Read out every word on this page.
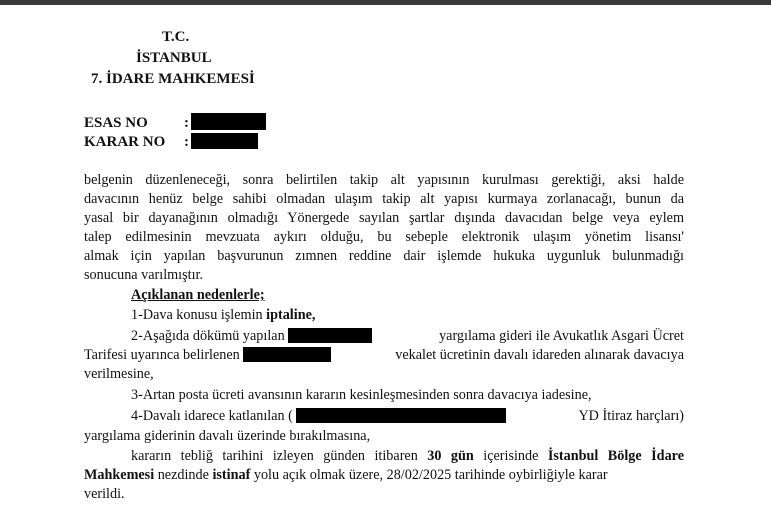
T.C.
İSTANBUL
7. İDARE MAHKEMESİ
ESAS NO :
KARAR NO :
belgenin düzenleneceği, sonra belirtilen takip alt yapısının kurulması gerektiği, aksi halde
davacının henüz belge sahibi olmadan ulaşım takip alt yapısı kurmaya zorlanacağı, bunun da
yasal bir dayanağının olmadığı Yönergede sayılan şartlar dışında davacıdan belge veya eylem
talep edilmesinin mevzuata aykırı olduğu, bu sebeple elektronik ulaşım yönetim lisansı'
almak için yapılan başvurunun zımnen reddine dair işlemde hukuka uygunluk bulunmadığı
sonucuna varılmıştır.
Açıklanan nedenlerle;
1-Dava konusu işlemin iptaline,
2-Aşağıda dökümü yapılan	yargılama gideri ile Avukatlık Asgari Ücret
Tarifesi uyarınca belirlenen	vekalet ücretinin davalı idareden alınarak davacıya
verilmesine,
3-Artan posta ücreti avansının kararın kesinleşmesinden sonra davacıya iadesine,
4-Davalı idarece katlanılan (	YD İtiraz harçları)
yargılama giderinin davalı üzerinde bırakılmasına,
kararın tebliğ tarihini izleyen günden itibaren 30 gün içerisinde İstanbul Bölge İdare
Mahkemesi nezdinde istinaf yolu açık olmak üzere, 28/02/2025 tarihinde oybirliğiyle karar
verildi.
